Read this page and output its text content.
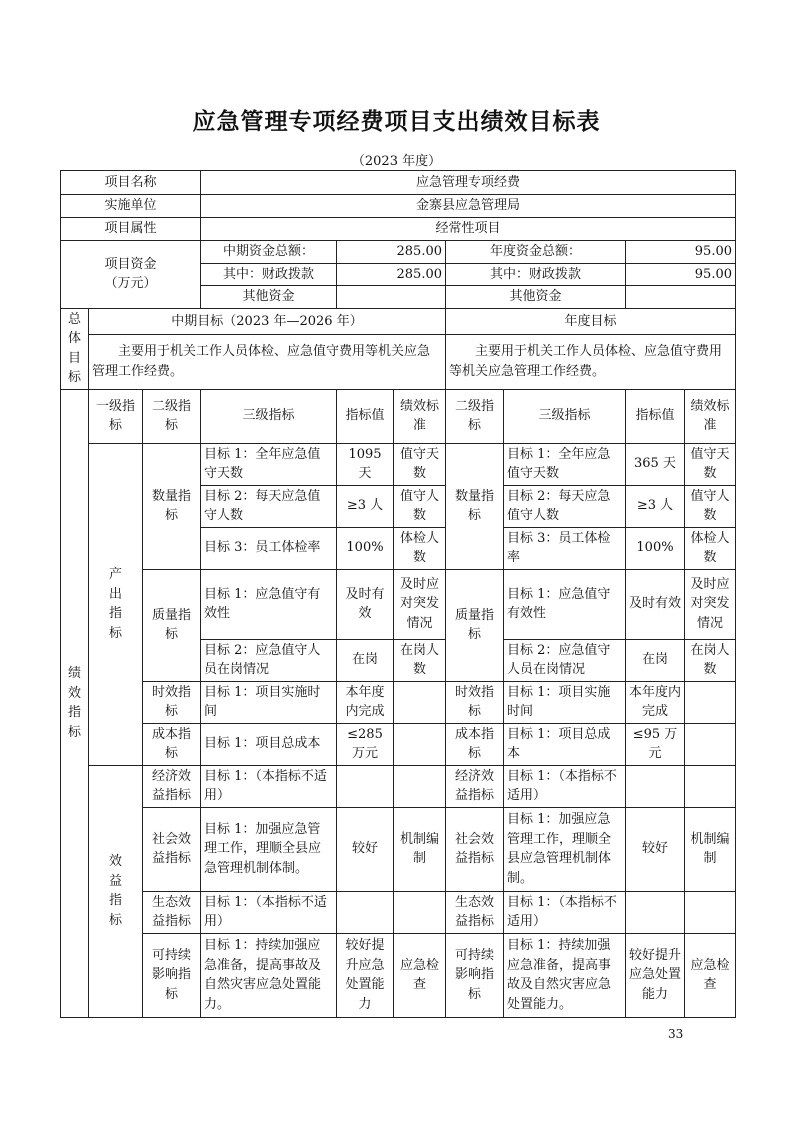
应急管理专项经费项目支出绩效目标表
（2023 年度）
项目名称			应急管理专项经费						
实施单位			金寨县应急管理局						
项目属性			经常性项目						

项目资金
（万元）			中期资金总额：	285.00		年度资金总额：		95.00	
			其中：财政拨款	285.00		其中：财政拨款		95.00	
			其他资金			其他资金			

总
体
目
标	中期目标（2023 年—2026 年）					年度目标			
	主要用于机关工作人员体检、应急值守费用等机关应急管理工作经费。					主要用于机关工作人员体检、应急值守费用等机关应急管理工作经费。			

绩
效
指
标	一级指标	二级指标	三级指标	指标值	绩效标准	二级指标	三级指标	指标值	绩效标准

	产
出
指
标	数量指标	目标 1：全年应急值守天数	1095 天	值守天数	数量指标	目标 1：全年应急值守天数	365 天	值守天数
			目标 2：每天应急值守人数	≥3 人	值守人数		目标 2：每天应急值守人数	≥3 人	值守人数
			目标 3：员工体检率	100%	体检人数		目标 3：员工体检率	100%	体检人数
		质量指标	目标 1：应急值守有效性	及时有效	及时应对突发情况	质量指标	目标 1：应急值守有效性	及时有效	及时应对突发情况
			目标 2：应急值守人员在岗情况	在岗	在岗人数		目标 2：应急值守人员在岗情况	在岗	在岗人数
		时效指标	目标 1：项目实施时间	本年度内完成		时效指标	目标 1：项目实施时间	本年度内完成	
		成本指标	目标 1：项目总成本	≤285 万元		成本指标	目标 1：项目总成本	≤95 万元	

	效
益
指
标	经济效益指标	目标 1：（本指标不适用）			经济效益指标	目标 1：（本指标不适用）		
		社会效益指标	目标 1：加强应急管理工作，理顺全县应急管理机制体制。	较好	机制编制	社会效益指标	目标 1：加强应急管理工作，理顺全县应急管理机制体制。	较好	机制编制
		生态效益指标	目标 1：（本指标不适用）			生态效益指标	目标 1：（本指标不适用）		
		可持续影响指标	目标 1：持续加强应急准备，提高事故及自然灾害应急处置能力。	较好提升应急处置能力	应急检查	可持续影响指标	目标 1：持续加强应急准备，提高事故及自然灾害应急处置能力。	较好提升应急处置能力	应急检查
33
